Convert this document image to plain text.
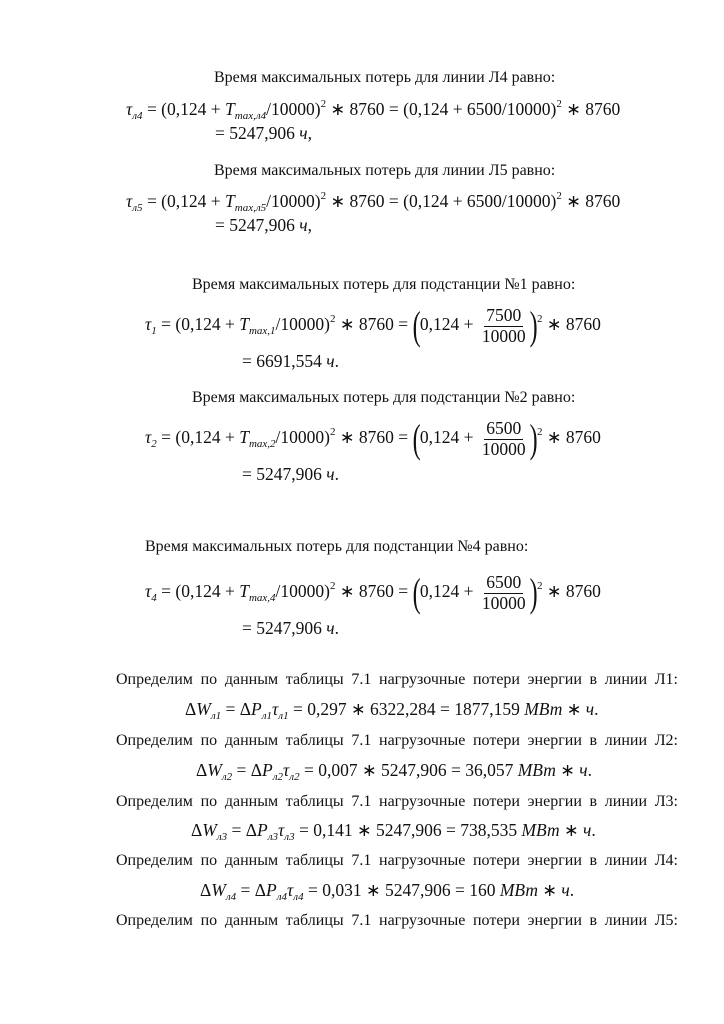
Время максимальных потерь для линии Л4 равно:
$\tau_{л4} = (0,124 + T_{max,л4}/10000)^2$ ∗ $8760 = (0,124 + 6500/10000)^2$ ∗ 8760
= 5247,906 ч,
Время максимальных потерь для линии Л5 равно:
$\tau_{л5} = (0,124 + T_{max,л5}/10000)^2$ ∗ $8760 = (0,124 + 6500/10000)^2$ ∗ 8760
= 5247,906 ч,
Время максимальных потерь для подстанции №1 равно:
$\tau_1 = (0,124 + T_{max,1}/10000)^2$ ∗ $8760 = (0,124 + \frac{7500}{10000} )^2$ ∗ 8760
= 6691,554 ч.
Время максимальных потерь для подстанции №2 равно:
$\tau_2 = (0,124 + T_{max,2}/10000)^2$ ∗ $8760 = (0,124 + \frac{6500}{10000} )^2$ ∗ 8760
= 5247,906 ч.
Время максимальных потерь для подстанции №4 равно:
$\tau_4 = (0,124 + T_{max,4}/10000)^2$ ∗ $8760 = (0,124 + \frac{6500}{10000} )^2$ ∗ 8760
= 5247,906 ч.
Определим по данным таблицы 7.1 нагрузочные потери энергии в линии Л1:
$\Delta W_{л1} = \Delta P_{л1}\tau_{л1} = 0,297$ ∗ 6322,284 = 1877,159 МВт ∗ ч.
Определим по данным таблицы 7.1 нагрузочные потери энергии в линии Л2:
$\Delta W_{л2} = \Delta P_{л2}\tau_{л2} = 0,007$ ∗ 5247,906 = 36,057 МВт ∗ ч.
Определим по данным таблицы 7.1 нагрузочные потери энергии в линии Л3:
$\Delta W_{л3} = \Delta P_{л3}\tau_{л3} = 0,141$ ∗ 5247,906 = 738,535 МВт ∗ ч.
Определим по данным таблицы 7.1 нагрузочные потери энергии в линии Л4:
$\Delta W_{л4} = \Delta P_{л4}\tau_{л4} = 0,031$ ∗ 5247,906 = 160 МВт ∗ ч.
Определим по данным таблицы 7.1 нагрузочные потери энергии в линии Л5:
